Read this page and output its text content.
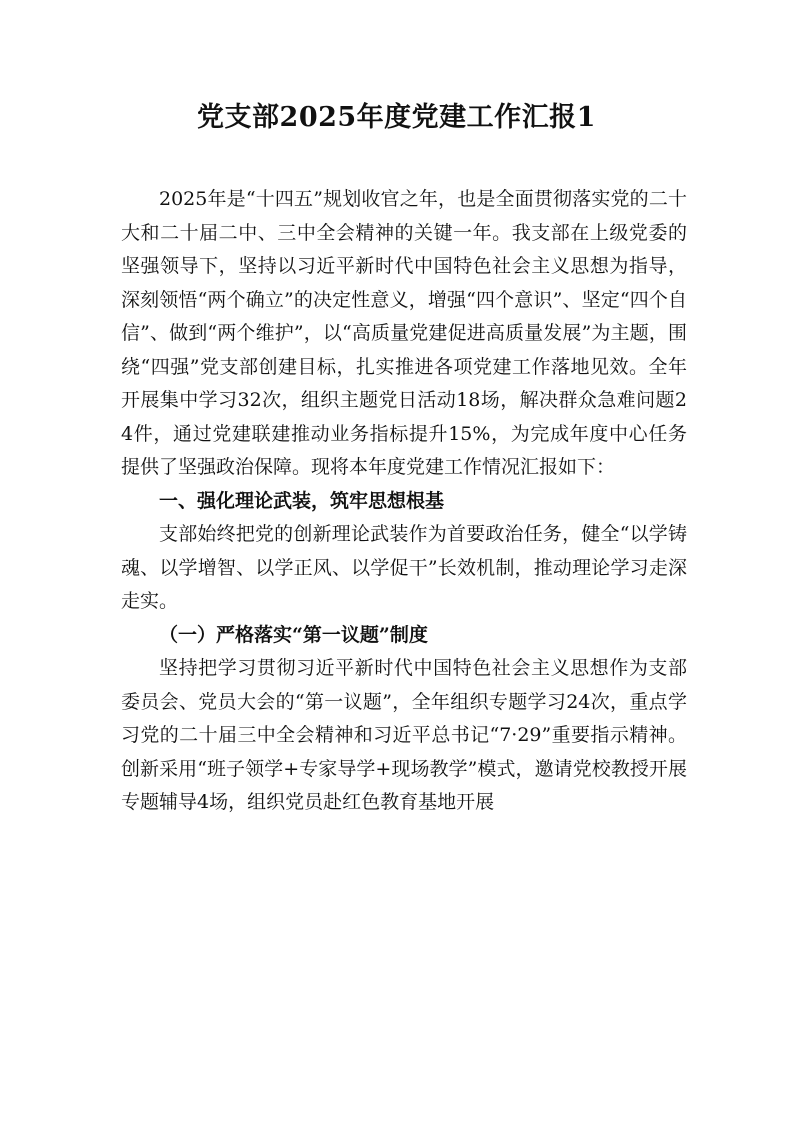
党支部2025年度党建工作汇报1

2025年是“十四五”规划收官之年，也是全面贯彻落实党的二十大和二十届二中、三中全会精神的关键一年。我支部在上级党委的坚强领导下，坚持以习近平新时代中国特色社会主义思想为指导，深刻领悟“两个确立”的决定性意义，增强“四个意识”、坚定“四个自信”、做到“两个维护”，以“高质量党建促进高质量发展”为主题，围绕“四强”党支部创建目标，扎实推进各项党建工作落地见效。全年开展集中学习32次，组织主题党日活动18场，解决群众急难问题24件，通过党建联建推动业务指标提升15%，为完成年度中心任务提供了坚强政治保障。现将本年度党建工作情况汇报如下：

一、强化理论武装，筑牢思想根基

支部始终把党的创新理论武装作为首要政治任务，健全“以学铸魂、以学增智、以学正风、以学促干”长效机制，推动理论学习走深走实。

（一）严格落实“第一议题”制度

坚持把学习贯彻习近平新时代中国特色社会主义思想作为支部委员会、党员大会的“第一议题”，全年组织专题学习24次，重点学习党的二十届三中全会精神和习近平总书记“7·29”重要指示精神。创新采用“班子领学+专家导学+现场教学”模式，邀请党校教授开展专题辅导4场，组织党员赴红色教育基地开展
